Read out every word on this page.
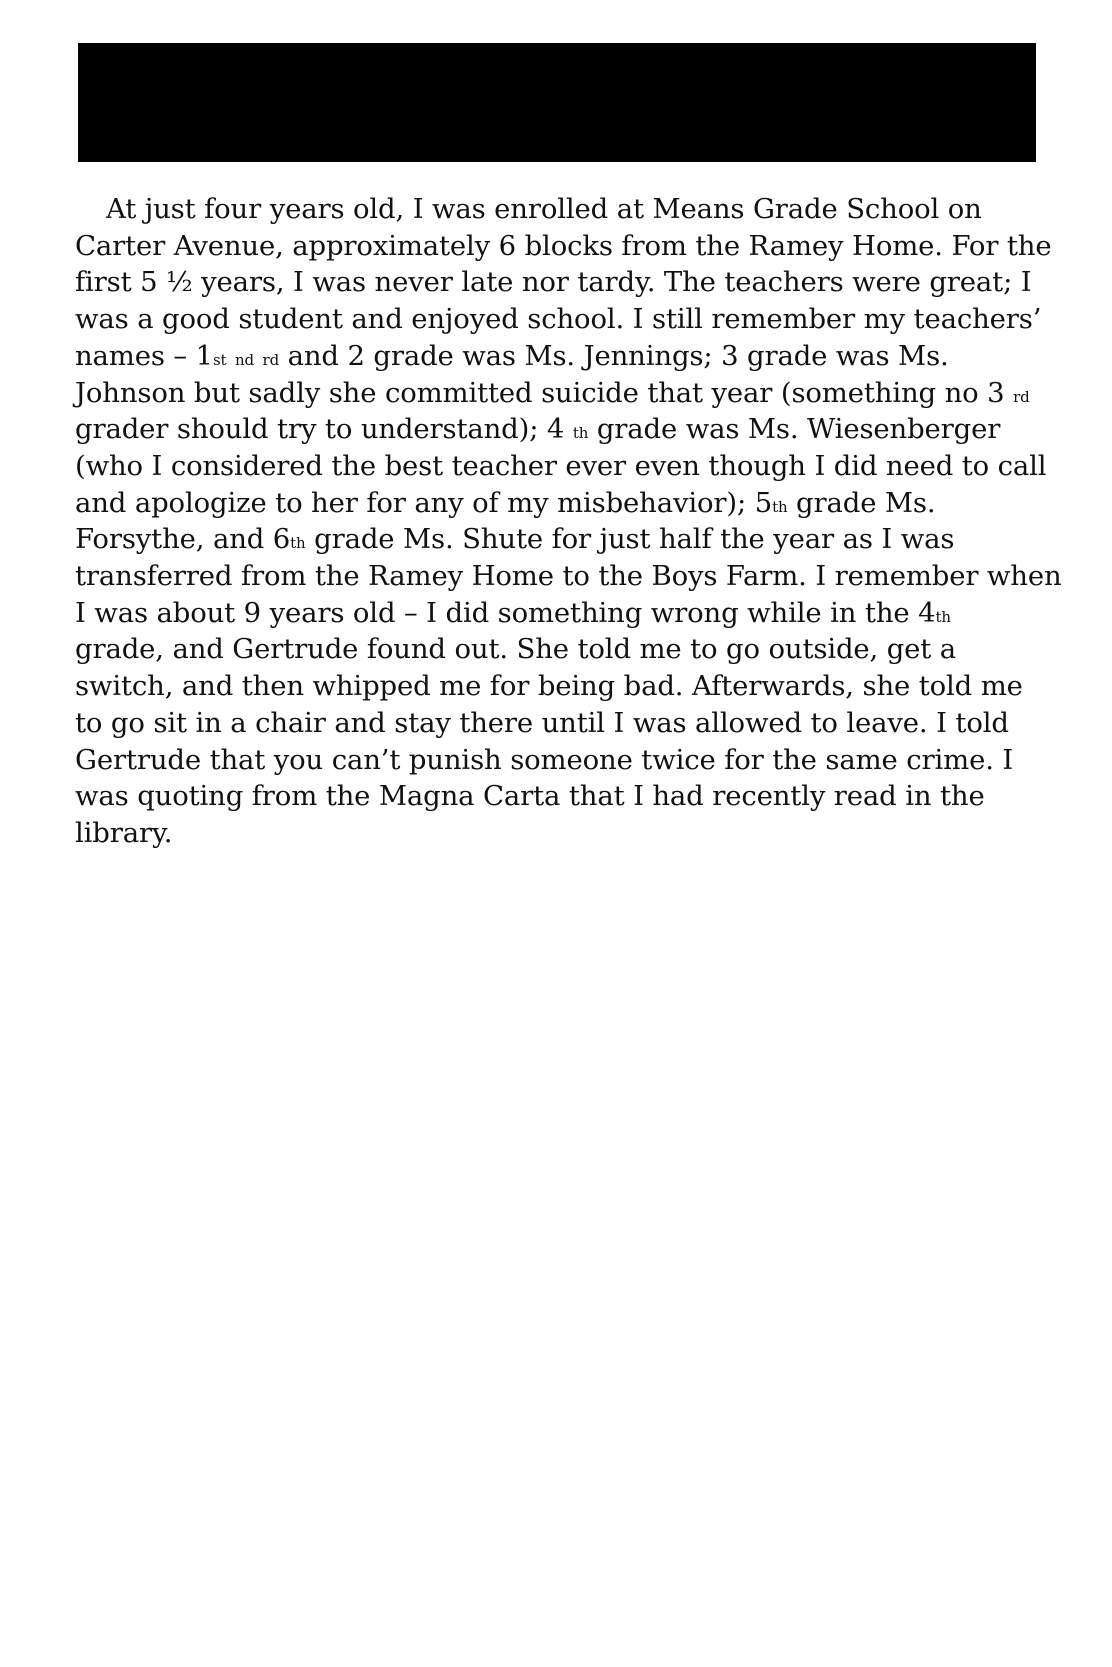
At just four years old, I was enrolled at Means Grade School on
Carter Avenue, approximately 6 blocks from the Ramey Home. For the
first 5 ½ years, I was never late nor tardy. The teachers were great; I
was a good student and enjoyed school. I still remember my teachers’
names – 1st nd rd and 2 grade was Ms. Jennings; 3 grade was Ms.
Johnson but sadly she committed suicide that year (something no 3 rd
grader should try to understand); 4 th grade was Ms. Wiesenberger
(who I considered the best teacher ever even though I did need to call
and apologize to her for any of my misbehavior); 5th grade Ms.
Forsythe, and 6th grade Ms. Shute for just half the year as I was
transferred from the Ramey Home to the Boys Farm. I remember when
I was about 9 years old – I did something wrong while in the 4th
grade, and Gertrude found out. She told me to go outside, get a
switch, and then whipped me for being bad. Afterwards, she told me
to go sit in a chair and stay there until I was allowed to leave. I told
Gertrude that you can’t punish someone twice for the same crime. I
was quoting from the Magna Carta that I had recently read in the
library.
